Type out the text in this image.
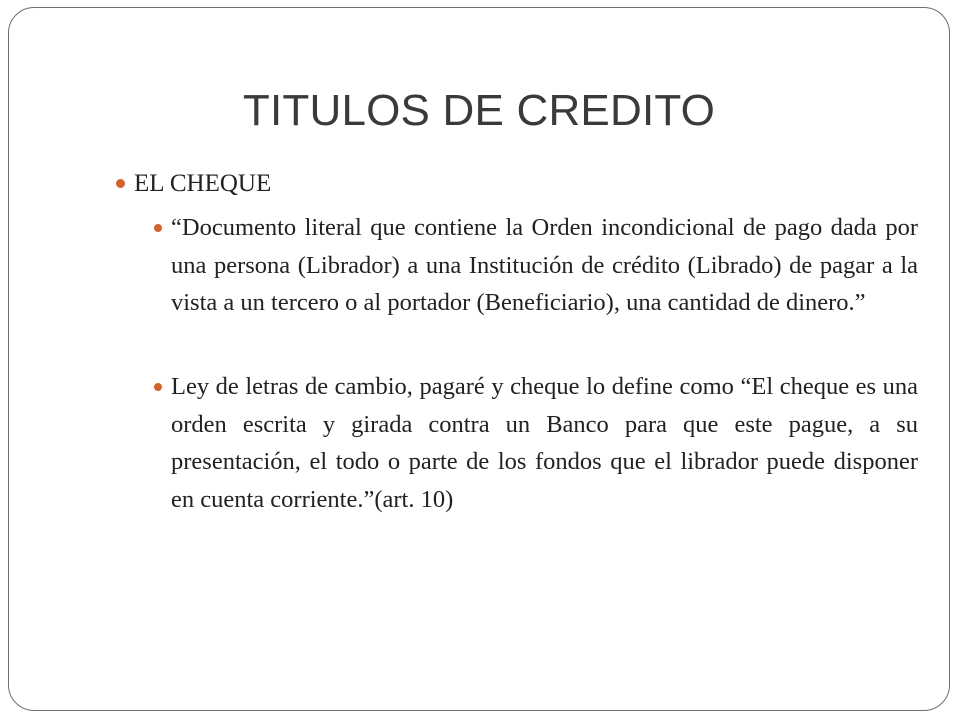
TITULOS DE CREDITO
EL CHEQUE
“Documento literal que contiene la Orden incondicional de pago dada por una persona (Librador) a una Institución de crédito (Librado) de pagar a la vista a un tercero o al portador (Beneficiario), una cantidad de dinero.”
Ley de letras de cambio, pagaré y cheque lo define como “El cheque es una orden escrita y girada contra un Banco para que este pague, a su presentación, el todo o parte de los fondos que el librador puede disponer en cuenta corriente.”(art. 10)
